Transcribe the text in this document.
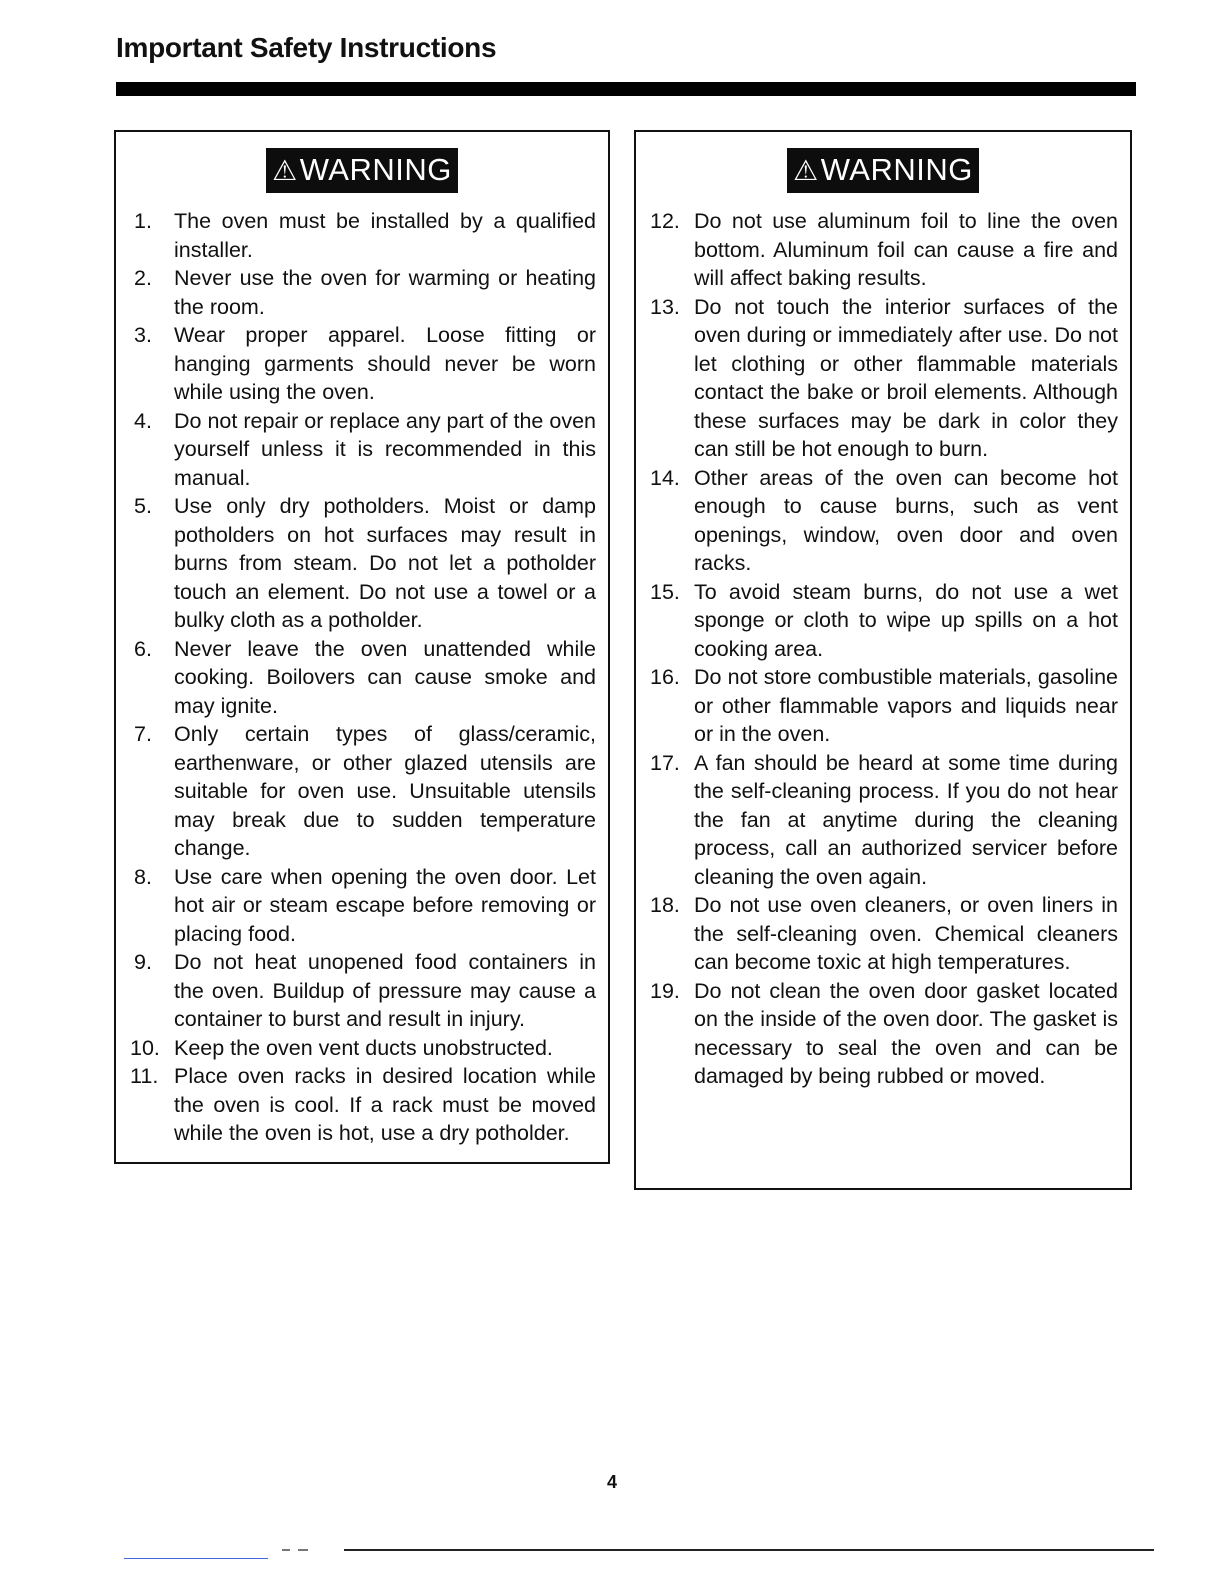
Important Safety Instructions
⚠WARNING
1. The oven must be installed by a qualified installer.
2. Never use the oven for warming or heating the room.
3. Wear proper apparel. Loose fitting or hanging garments should never be worn while using the oven.
4. Do not repair or replace any part of the oven yourself unless it is recommended in this manual.
5. Use only dry potholders. Moist or damp potholders on hot surfaces may result in burns from steam. Do not let a potholder touch an element. Do not use a towel or a bulky cloth as a potholder.
6. Never leave the oven unattended while cooking. Boilovers can cause smoke and may ignite.
7. Only certain types of glass/ceramic, earthenware, or other glazed utensils are suitable for oven use. Unsuitable utensils may break due to sudden temperature change.
8. Use care when opening the oven door. Let hot air or steam escape before removing or placing food.
9. Do not heat unopened food containers in the oven. Buildup of pressure may cause a container to burst and result in injury.
10. Keep the oven vent ducts unobstructed.
11. Place oven racks in desired location while the oven is cool. If a rack must be moved while the oven is hot, use a dry potholder.
⚠WARNING
12. Do not use aluminum foil to line the oven bottom. Aluminum foil can cause a fire and will affect baking results.
13. Do not touch the interior surfaces of the oven during or immediately after use. Do not let clothing or other flammable materials contact the bake or broil elements. Although these surfaces may be dark in color they can still be hot enough to burn.
14. Other areas of the oven can become hot enough to cause burns, such as vent openings, window, oven door and oven racks.
15. To avoid steam burns, do not use a wet sponge or cloth to wipe up spills on a hot cooking area.
16. Do not store combustible materials, gasoline or other flammable vapors and liquids near or in the oven.
17. A fan should be heard at some time during the self-cleaning process. If you do not hear the fan at anytime during the cleaning process, call an authorized servicer before cleaning the oven again.
18. Do not use oven cleaners, or oven liners in the self-cleaning oven. Chemical cleaners can become toxic at high temperatures.
19. Do not clean the oven door gasket located on the inside of the oven door. The gasket is necessary to seal the oven and can be damaged by being rubbed or moved.
4
